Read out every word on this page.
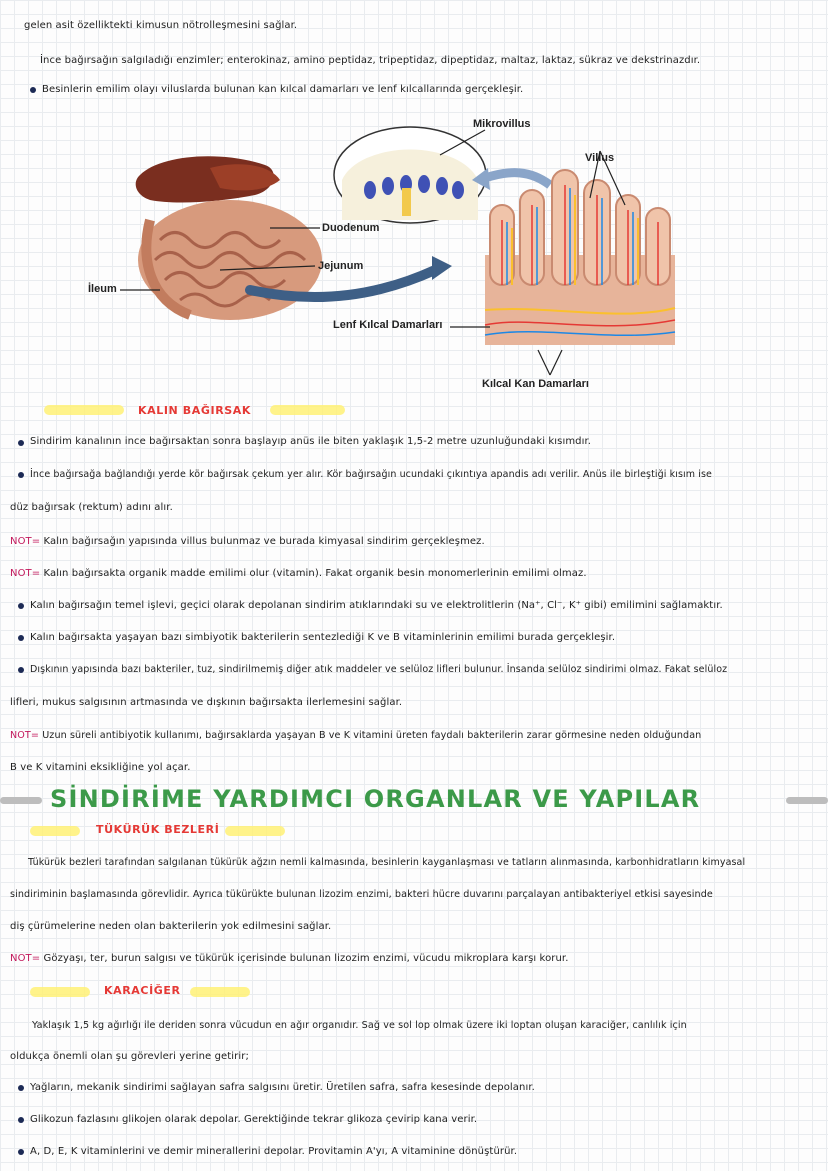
gelen asit özelliktekti kimusun nötrolleşmesini sağlar.
İnce bağırsağın salgıladığı enzimler; enterokinaz, amino peptidaz, tripeptidaz, dipeptidaz, maltaz, laktaz, sükraz ve dekstrinazdır.
Besinlerin emilim olayı viluslarda bulunan kan kılcal damarları ve lenf kılcallarında gerçekleşir.
Mikrovillus
Villus
Duodenum
Jejunum
İleum
Lenf Kılcal Damarları
Kılcal Kan Damarları
KALIN BAĞIRSAK
Sindirim kanalının ince bağırsaktan sonra başlayıp anüs ile biten yaklaşık 1,5-2 metre uzunluğundaki kısımdır.
İnce bağırsağa bağlandığı yerde kör bağırsak çekum yer alır. Kör bağırsağın ucundaki çıkıntıya apandis adı verilir. Anüs ile birleştiği kısım ise
düz bağırsak (rektum) adını alır.
NOT= Kalın bağırsağın yapısında villus bulunmaz ve burada kimyasal sindirim gerçekleşmez.
NOT= Kalın bağırsakta organik madde emilimi olur (vitamin). Fakat organik besin monomerlerinin emilimi olmaz.
Kalın bağırsağın temel işlevi, geçici olarak depolanan sindirim atıklarındaki su ve elektrolitlerin (Na⁺, Cl⁻, K⁺ gibi) emilimini sağlamaktır.
Kalın bağırsakta yaşayan bazı simbiyotik bakterilerin sentezlediği K ve B vitaminlerinin emilimi burada gerçekleşir.
Dışkının yapısında bazı bakteriler, tuz, sindirilmemiş diğer atık maddeler ve selüloz lifleri bulunur. İnsanda selüloz sindirimi olmaz. Fakat selüloz
lifleri, mukus salgısının artmasında ve dışkının bağırsakta ilerlemesini sağlar.
NOT= Uzun süreli antibiyotik kullanımı, bağırsaklarda yaşayan B ve K vitamini üreten faydalı bakterilerin zarar görmesine neden olduğundan
B ve K vitamini eksikliğine yol açar.
SİNDİRİME YARDIMCI ORGANLAR VE YAPILAR
TÜKÜRÜK BEZLERİ
Tükürük bezleri tarafından salgılanan tükürük ağzın nemli kalmasında, besinlerin kayganlaşması ve tatların alınmasında, karbonhidratların kimyasal
sindiriminin başlamasında görevlidir. Ayrıca tükürükte bulunan lizozim enzimi, bakteri hücre duvarını parçalayan antibakteriyel etkisi sayesinde
diş çürümelerine neden olan bakterilerin yok edilmesini sağlar.
NOT= Gözyaşı, ter, burun salgısı ve tükürük içerisinde bulunan lizozim enzimi, vücudu mikroplara karşı korur.
KARACİĞER
Yaklaşık 1,5 kg ağırlığı ile deriden sonra vücudun en ağır organıdır. Sağ ve sol lop olmak üzere iki loptan oluşan karaciğer, canlılık için
oldukça önemli olan şu görevleri yerine getirir;
Yağların, mekanik sindirimi sağlayan safra salgısını üretir. Üretilen safra, safra kesesinde depolanır.
Glikozun fazlasını glikojen olarak depolar. Gerektiğinde tekrar glikoza çevirip kana verir.
A, D, E, K vitaminlerini ve demir minerallerini depolar. Provitamin A'yı, A vitaminine dönüştürür.
